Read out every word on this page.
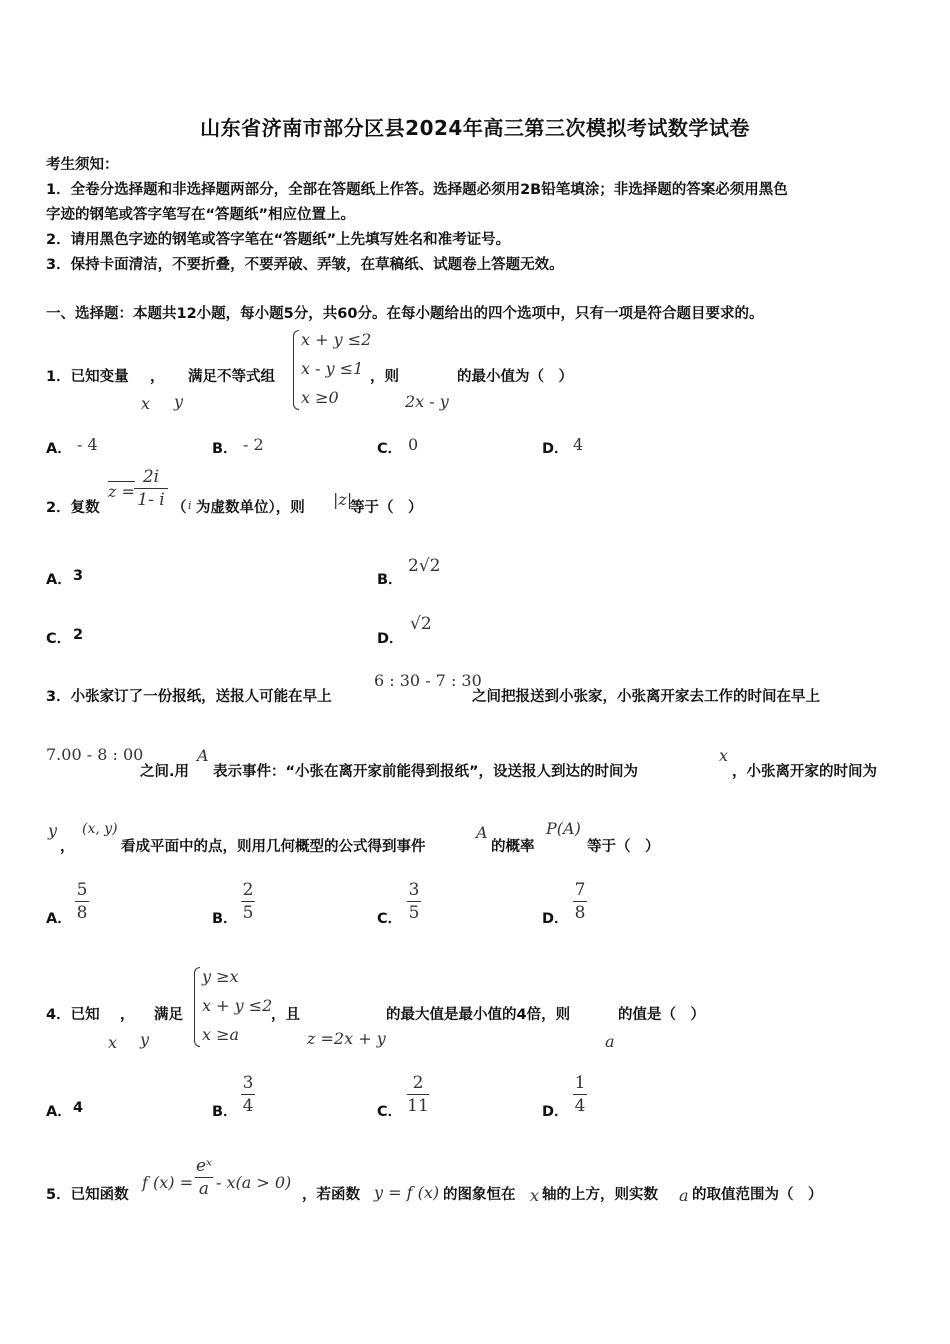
山东省济南市部分区县2024年高三第三次模拟考试数学试卷
考生须知：
1．全卷分选择题和非选择题两部分，全部在答题纸上作答。选择题必须用2B铅笔填涂；非选择题的答案必须用黑色
字迹的钢笔或答字笔写在“答题纸”相应位置上。
2．请用黑色字迹的钢笔或答字笔在“答题纸”上先填写姓名和准考证号。
3．保持卡面清洁，不要折叠，不要弄破、弄皱，在草稿纸、试题卷上答题无效。
一、选择题：本题共12小题，每小题5分，共60分。在每小题给出的四个选项中，只有一项是符合题目要求的。
1．已知变量 ， 满足不等式组
x y
x + y ≤2
x - y ≤1
x ≥0
，则
2x - y
的最小值为（　）
A． - 4	B． - 2	C． 0	D． 4
2．复数
z =
2i
1- i （ i 为虚数单位），则 |z|
等于（　）
A． 3	B．
2√2
C． 2	D．
√2
3．小张家订了一份报纸，送报人可能在早上
6 : 30 - 7 : 30
之间把报送到小张家，小张离开家去工作的时间在早上
7.00 - 8 : 00
之间.用
A
表示事件：“小张在离开家前能得到报纸”，设送报人到达的时间为
x
，小张离开家的时间为
y
，
(x, y)
看成平面中的点，则用几何概型的公式得到事件
A
的概率
P(A)
等于（　）
A．
5
8	B．
2
5	C．
3
5	D．
7
8
4．已知 ， 满足
x y
y ≥x
x + y ≤2
x ≥a
，且
z =2x + y
的最大值是最小值的4倍，则	的值是（　）
a
A． 4	B．
3
4	C．
2
11	D．
1
4
5．已知函数
f (x) =
eˣ
a - x(a > 0)
，若函数 y = f (x) 的图象恒在 x 轴的上方，则实数 a 的取值范围为（　）
